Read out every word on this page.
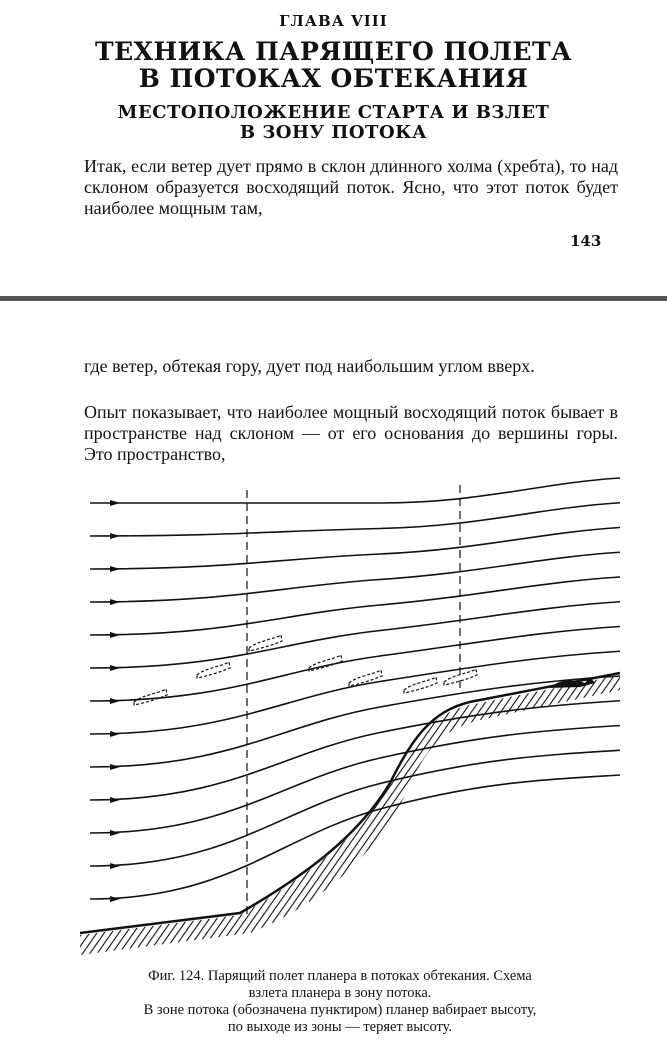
ГЛАВА VIII

ТЕХНИКА ПАРЯЩЕГО ПОЛЕТА
В ПОТОКАХ ОБТЕКАНИЯ
МЕСТОПОЛОЖЕНИЕ СТАРТА И ВЗЛЕТ
В ЗОНУ ПОТОКА

Итак, если ветер дует прямо в склон длинного холма (хребта), то над склоном образуется восходящий поток. Ясно, что этот поток будет наиболее мощным там,

143

где ветер, обтекая гору, дует под наибольшим углом вверх.

Опыт показывает, что наиболее мощный восходящий поток бывает в пространстве над склоном — от его основания до вершины горы. Это пространство,

Фиг. 124. Парящий полет планера в потоках обтекания. Схема
взлета планера в зону потока.
В зоне потока (обозначена пунктиром) планер вабирает высоту,
по выходе из зоны — теряет высоту.
